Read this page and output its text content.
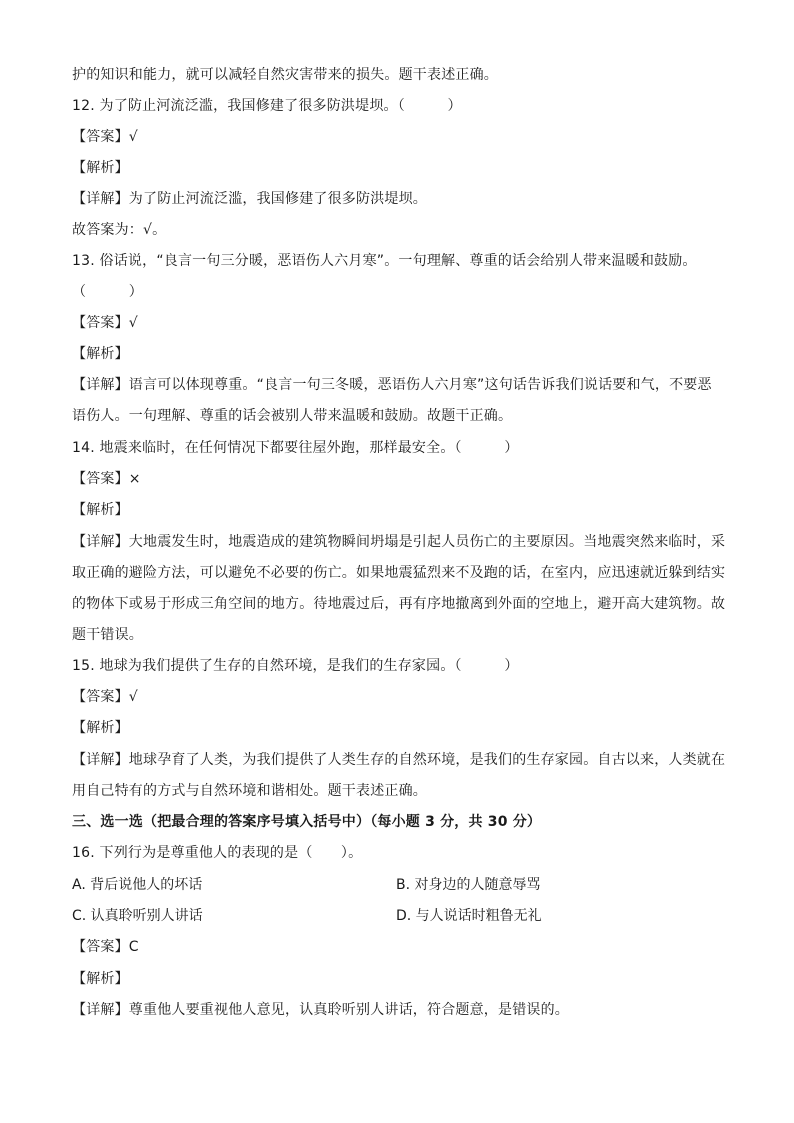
护的知识和能力，就可以减轻自然灾害带来的损失。题干表述正确。
12. 为了防止河流泛滥，我国修建了很多防洪堤坝。（　　　）
【答案】√
【解析】
【详解】为了防止河流泛滥，我国修建了很多防洪堤坝。
故答案为：√。
13. 俗话说，“良言一句三分暖，恶语伤人六月寒”。一句理解、尊重的话会给别人带来温暖和鼓励。
（　　　）
【答案】√
【解析】
【详解】语言可以体现尊重。“良言一句三冬暖，恶语伤人六月寒”这句话告诉我们说话要和气，不要恶
语伤人。一句理解、尊重的话会被别人带来温暖和鼓励。故题干正确。
14. 地震来临时，在任何情况下都要往屋外跑，那样最安全。（　　　）
【答案】×
【解析】
【详解】大地震发生时，地震造成的建筑物瞬间坍塌是引起人员伤亡的主要原因。当地震突然来临时，采
取正确的避险方法，可以避免不必要的伤亡。如果地震猛烈来不及跑的话，在室内，应迅速就近躲到结实
的物体下或易于形成三角空间的地方。待地震过后，再有序地撤离到外面的空地上，避开高大建筑物。故
题干错误。
15. 地球为我们提供了生存的自然环境，是我们的生存家园。（　　　）
【答案】√
【解析】
【详解】地球孕育了人类，为我们提供了人类生存的自然环境，是我们的生存家园。自古以来，人类就在
用自己特有的方式与自然环境和谐相处。题干表述正确。
三、选一选（把最合理的答案序号填入括号中）（每小题 3 分，共 30 分）
16. 下列行为是尊重他人的表现的是（　　）。
A. 背后说他人的坏话	B. 对身边的人随意辱骂
C. 认真聆听别人讲话	D. 与人说话时粗鲁无礼
【答案】C
【解析】
【详解】尊重他人要重视他人意见，认真聆听别人讲话，符合题意，是错误的。
